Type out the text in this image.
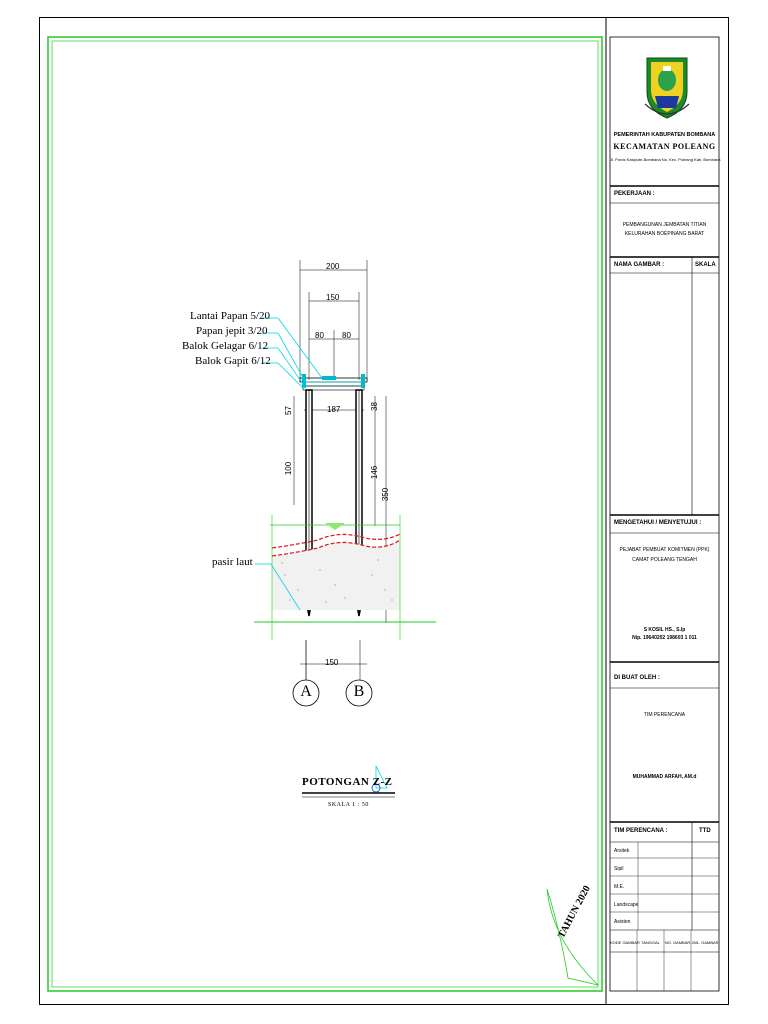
PEMERINTAH KABUPATEN BOMBANA
KECAMATAN POLEANG
Jl. Poros Kasipute-Bombana No. Kec. Poleang Kab. Bombana
PEKERJAAN :
PEMBANGUNAN JEMBATAN TITIAN
KELURAHAN BOEPINANG BARAT
NAMA GAMBAR :	SKALA
MENGETAHUI / MENYETUJUI :
PEJABAT PEMBUAT KOMITMEN (PPK)
CAMAT POLEANG TENGAH
S KOSIL HS., S.Ip
Nip. 19640202 198603 1 011
DI BUAT OLEH :
TIM PERENCANA
MUHAMMAD ARFAH, AM.d
TIM PERENCANA :	TTD
Arsitek
Sipil
M.E.
Landscape
Asisten
KODE GAMBAR TANGGAL	NO. GAMBAR JML. GAMBAR
Lantai Papan 5/20
Papan jepit 3/20
Balok Gelagar 6/12
Balok Gapit 6/12
pasir laut
200
150
80 80
187
57	38
100	146
350
150
A	B
POTONGAN Z-Z
SKALA 1 : 50
TAHUN 2020
